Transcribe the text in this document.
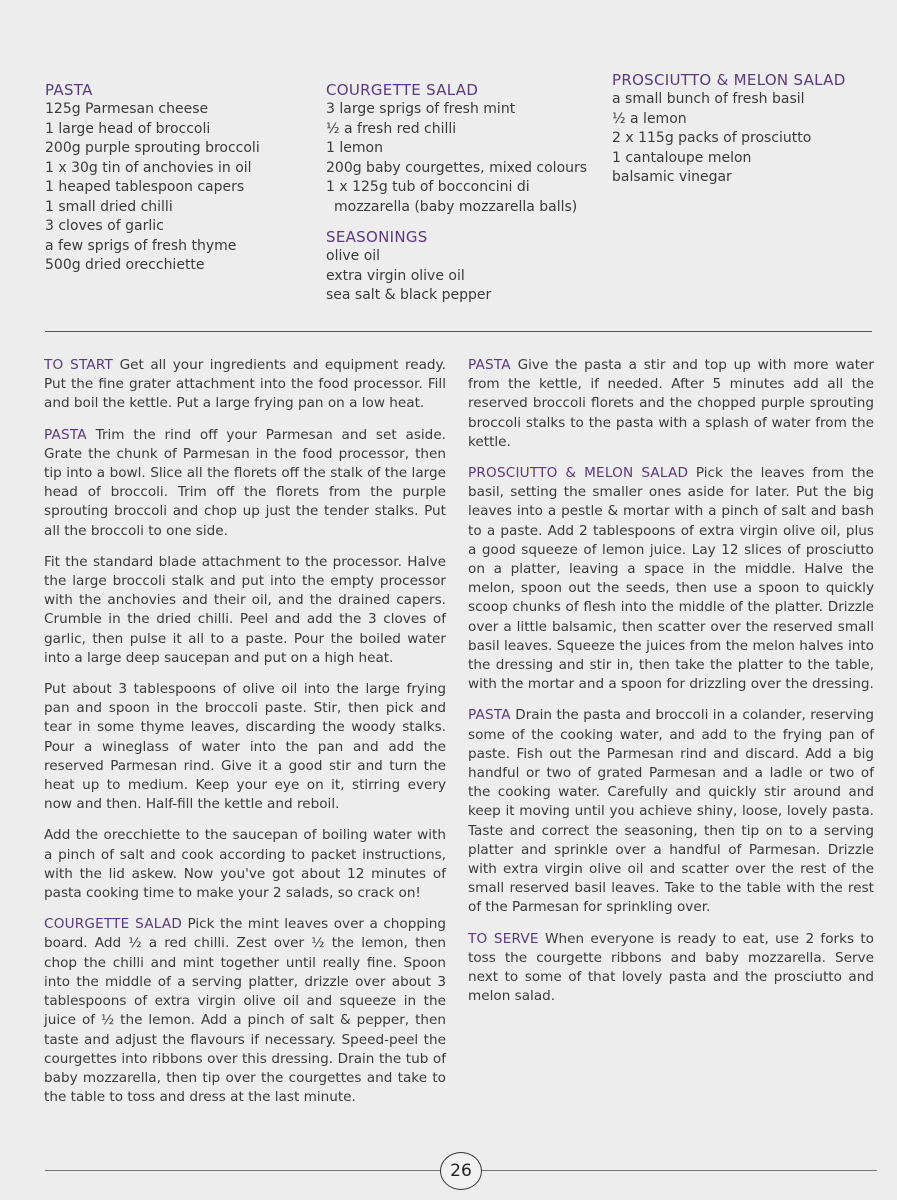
PASTA
125g Parmesan cheese
1 large head of broccoli
200g purple sprouting broccoli
1 x 30g tin of anchovies in oil
1 heaped tablespoon capers
1 small dried chilli
3 cloves of garlic
a few sprigs of fresh thyme
500g dried orecchiette
COURGETTE SALAD
3 large sprigs of fresh mint
½ a fresh red chilli
1 lemon
200g baby courgettes, mixed colours
1 x 125g tub of bocconcini di
mozzarella (baby mozzarella balls)
SEASONINGS
olive oil
extra virgin olive oil
sea salt & black pepper
PROSCIUTTO & MELON SALAD
a small bunch of fresh basil
½ a lemon
2 x 115g packs of prosciutto
1 cantaloupe melon
balsamic vinegar

TO START Get all your ingredients and equipment ready. Put the fine grater attachment into the food processor. Fill and boil the kettle. Put a large frying pan on a low heat.

PASTA Trim the rind off your Parmesan and set aside. Grate the chunk of Parmesan in the food processor, then tip into a bowl. Slice all the florets off the stalk of the large head of broccoli. Trim off the florets from the purple sprouting broccoli and chop up just the tender stalks. Put all the broccoli to one side.

Fit the standard blade attachment to the processor. Halve the large broccoli stalk and put into the empty processor with the anchovies and their oil, and the drained capers. Crumble in the dried chilli. Peel and add the 3 cloves of garlic, then pulse it all to a paste. Pour the boiled water into a large deep saucepan and put on a high heat.

Put about 3 tablespoons of olive oil into the large frying pan and spoon in the broccoli paste. Stir, then pick and tear in some thyme leaves, discarding the woody stalks. Pour a wineglass of water into the pan and add the reserved Parmesan rind. Give it a good stir and turn the heat up to medium. Keep your eye on it, stirring every now and then. Half-fill the kettle and reboil.

Add the orecchiette to the saucepan of boiling water with a pinch of salt and cook according to packet instructions, with the lid askew. Now you've got about 12 minutes of pasta cooking time to make your 2 salads, so crack on!

COURGETTE SALAD Pick the mint leaves over a chopping board. Add ½ a red chilli. Zest over ½ the lemon, then chop the chilli and mint together until really fine. Spoon into the middle of a serving platter, drizzle over about 3 tablespoons of extra virgin olive oil and squeeze in the juice of ½ the lemon. Add a pinch of salt & pepper, then taste and adjust the flavours if necessary. Speed-peel the courgettes into ribbons over this dressing. Drain the tub of baby mozzarella, then tip over the courgettes and take to the table to toss and dress at the last minute.

PASTA Give the pasta a stir and top up with more water from the kettle, if needed. After 5 minutes add all the reserved broccoli florets and the chopped purple sprouting broccoli stalks to the pasta with a splash of water from the kettle.

PROSCIUTTO & MELON SALAD Pick the leaves from the basil, setting the smaller ones aside for later. Put the big leaves into a pestle & mortar with a pinch of salt and bash to a paste. Add 2 tablespoons of extra virgin olive oil, plus a good squeeze of lemon juice. Lay 12 slices of prosciutto on a platter, leaving a space in the middle. Halve the melon, spoon out the seeds, then use a spoon to quickly scoop chunks of flesh into the middle of the platter. Drizzle over a little balsamic, then scatter over the reserved small basil leaves. Squeeze the juices from the melon halves into the dressing and stir in, then take the platter to the table, with the mortar and a spoon for drizzling over the dressing.

PASTA Drain the pasta and broccoli in a colander, reserving some of the cooking water, and add to the frying pan of paste. Fish out the Parmesan rind and discard. Add a big handful or two of grated Parmesan and a ladle or two of the cooking water. Carefully and quickly stir around and keep it moving until you achieve shiny, loose, lovely pasta. Taste and correct the seasoning, then tip on to a serving platter and sprinkle over a handful of Parmesan. Drizzle with extra virgin olive oil and scatter over the rest of the small reserved basil leaves. Take to the table with the rest of the Parmesan for sprinkling over.

TO SERVE When everyone is ready to eat, use 2 forks to toss the courgette ribbons and baby mozzarella. Serve next to some of that lovely pasta and the prosciutto and melon salad.

26
